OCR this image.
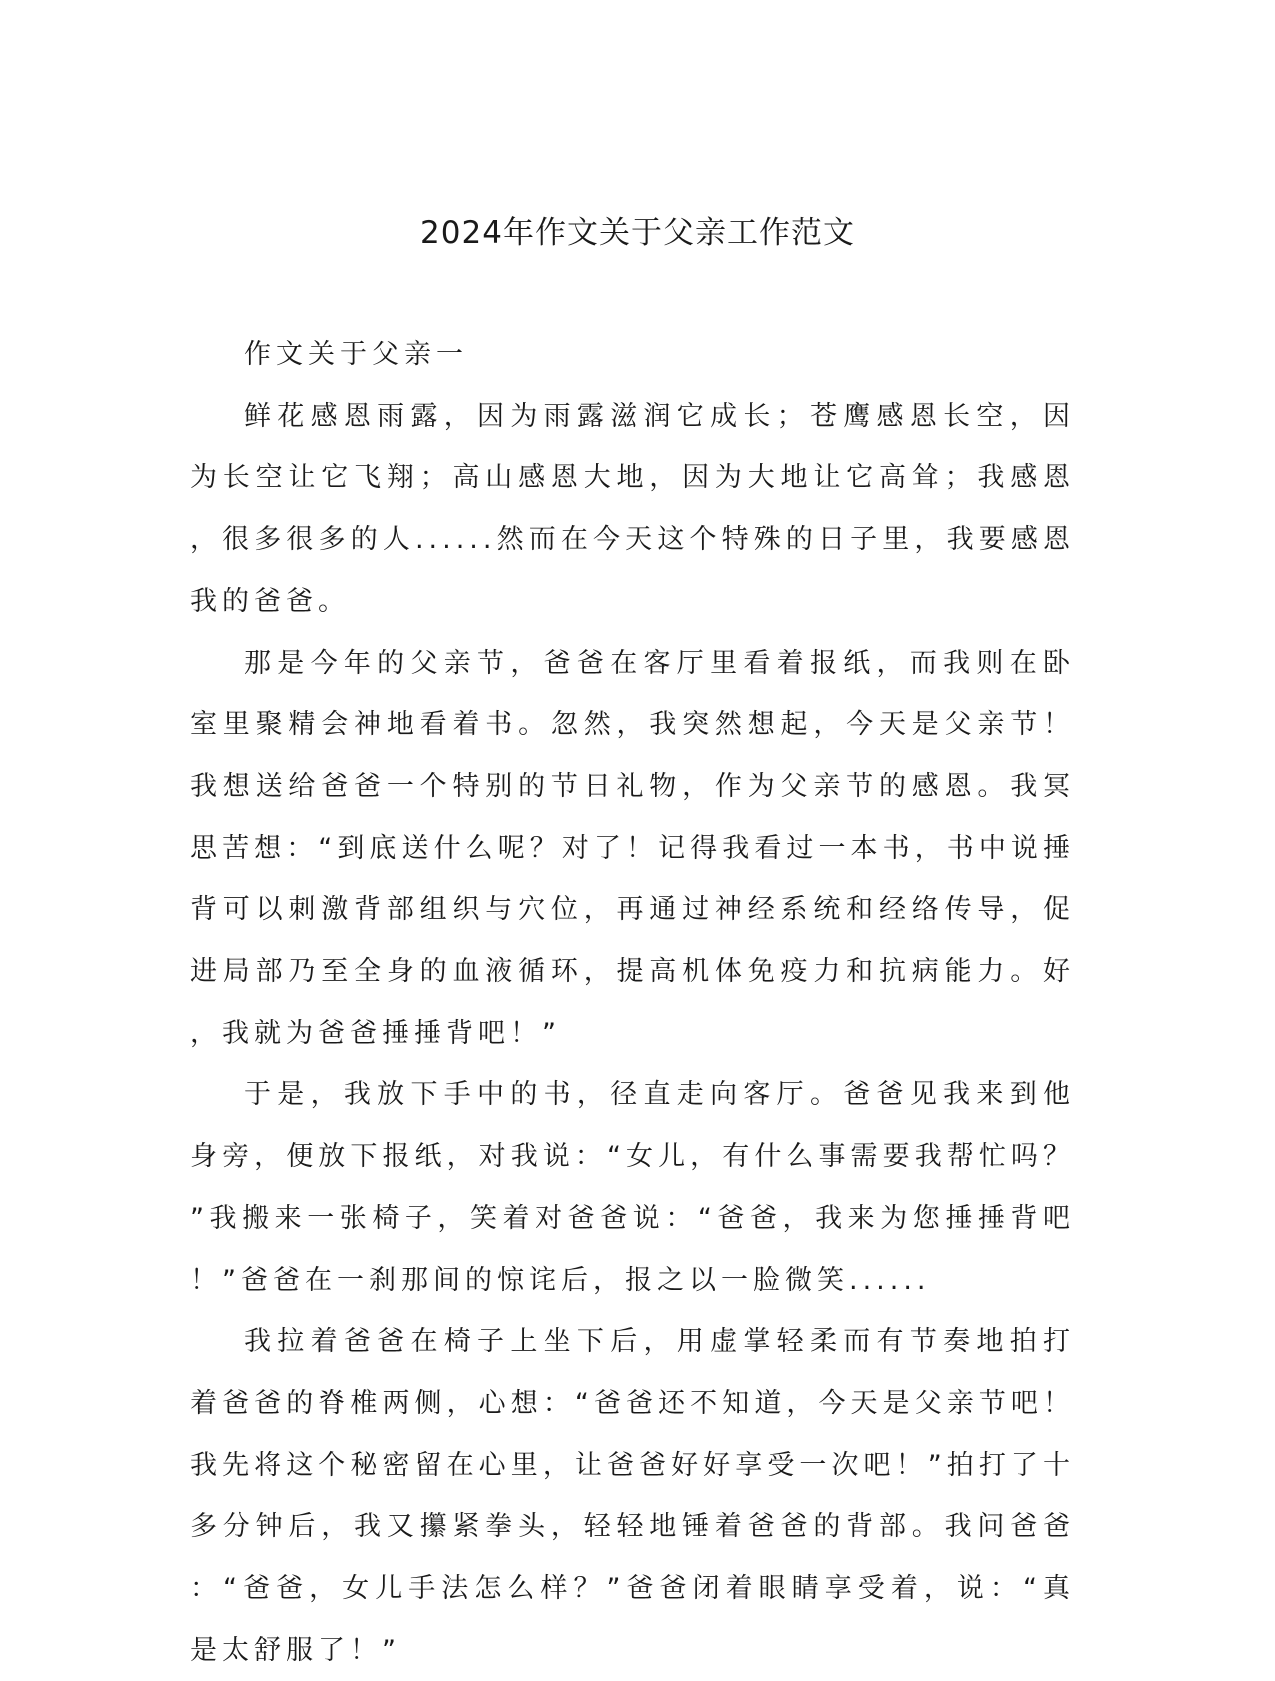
2024年作文关于父亲工作范文
作文关于父亲一

鲜花感恩雨露，因为雨露滋润它成长；苍鹰感恩长空，因为长空让它飞翔；高山感恩大地，因为大地让它高耸；我感恩，很多很多的人......然而在今天这个特殊的日子里，我要感恩我的爸爸。

那是今年的父亲节，爸爸在客厅里看着报纸，而我则在卧室里聚精会神地看着书。忽然，我突然想起，今天是父亲节！我想送给爸爸一个特别的节日礼物，作为父亲节的感恩。我冥思苦想：“到底送什么呢？对了！记得我看过一本书，书中说捶背可以刺激背部组织与穴位，再通过神经系统和经络传导，促进局部乃至全身的血液循环，提高机体免疫力和抗病能力。好，我就为爸爸捶捶背吧！”

于是，我放下手中的书，径直走向客厅。爸爸见我来到他身旁，便放下报纸，对我说：“女儿，有什么事需要我帮忙吗？”我搬来一张椅子，笑着对爸爸说：“爸爸，我来为您捶捶背吧！”爸爸在一刹那间的惊诧后，报之以一脸微笑......

我拉着爸爸在椅子上坐下后，用虚掌轻柔而有节奏地拍打着爸爸的脊椎两侧，心想：“爸爸还不知道，今天是父亲节吧！我先将这个秘密留在心里，让爸爸好好享受一次吧！”拍打了十多分钟后，我又攥紧拳头，轻轻地锤着爸爸的背部。我问爸爸：“爸爸，女儿手法怎么样？”爸爸闭着眼睛享受着，说：“真是太舒服了！”
